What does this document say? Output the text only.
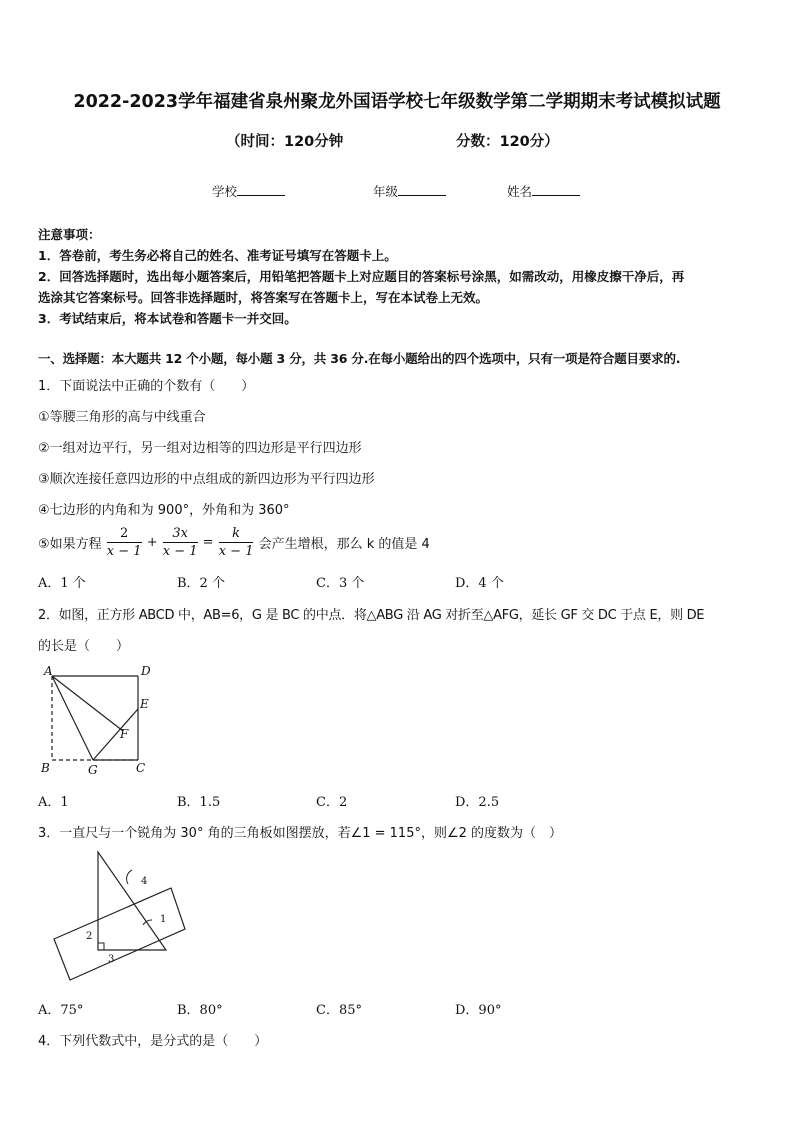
2022-2023学年福建省泉州聚龙外国语学校七年级数学第二学期期末考试模拟试题
（时间：120分钟	分数：120分）
学校	年级	姓名
注意事项：
1．答卷前，考生务必将自己的姓名、准考证号填写在答题卡上。
2．回答选择题时，选出每小题答案后，用铅笔把答题卡上对应题目的答案标号涂黑，如需改动，用橡皮擦干净后，再
选涂其它答案标号。回答非选择题时，将答案写在答题卡上，写在本试卷上无效。
3．考试结束后，将本试卷和答题卡一并交回。
一、选择题：本大题共 12 个小题，每小题 3 分，共 36 分.在每小题给出的四个选项中，只有一项是符合题目要求的.
1．下面说法中正确的个数有（　　）
①等腰三角形的高与中线重合
②一组对边平行，另一组对边相等的四边形是平行四边形
③顺次连接任意四边形的中点组成的新四边形为平行四边形
④七边形的内角和为 900°，外角和为 360°
⑤如果方程 $\frac{2}{x - 1} + \frac{3x}{x - 1} = \frac{k}{x - 1}$ 会产生增根，那么 k 的值是 4
A．1 个	B．2 个	C．3 个	D．4 个
2．如图，正方形 ABCD 中，AB=6，G 是 BC 的中点．将△ABG 沿 AG 对折至△AFG，延长 GF 交 DC 于点 E，则 DE
的长是（　　）
A	D
E
F
B	G	C
A．1	B．1.5	C．2	D．2.5
3．一直尺与一个锐角为 30° 角的三角板如图摆放，若∠1 = 115°，则∠2 的度数为（　）
1
2
3
4
A．75°	B．80°	C．85°	D．90°
4．下列代数式中，是分式的是（　　）
